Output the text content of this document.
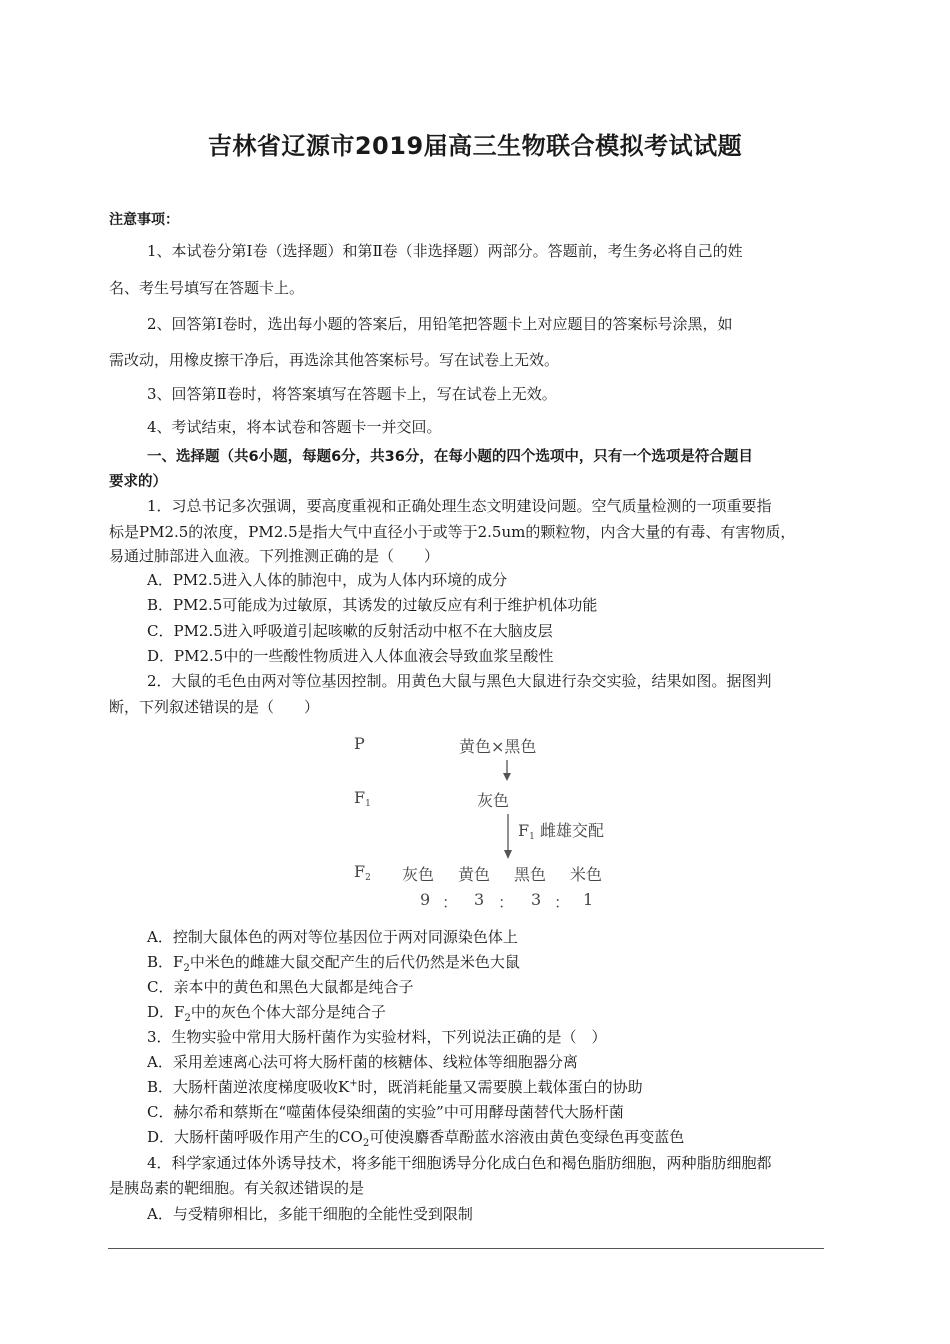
吉林省辽源市2019届高三生物联合模拟考试试题
注意事项：
1、本试卷分第Ⅰ卷（选择题）和第Ⅱ卷（非选择题）两部分。答题前，考生务必将自己的姓
名、考生号填写在答题卡上。
2、回答第Ⅰ卷时，选出每小题的答案后，用铅笔把答题卡上对应题目的答案标号涂黑，如
需改动，用橡皮擦干净后，再选涂其他答案标号。写在试卷上无效。
3、回答第Ⅱ卷时，将答案填写在答题卡上，写在试卷上无效。
4、考试结束，将本试卷和答题卡一并交回。
一、选择题（共6小题，每题6分，共36分，在每小题的四个选项中，只有一个选项是符合题目
要求的）
1．习总书记多次强调，要高度重视和正确处理生态文明建设问题。空气质量检测的一项重要指
标是PM2.5的浓度，PM2.5是指大气中直径小于或等于2.5um的颗粒物，内含大量的有毒、有害物质，
易通过肺部进入血液。下列推测正确的是（　　）
A．PM2.5进入人体的肺泡中，成为人体内环境的成分
B．PM2.5可能成为过敏原，其诱发的过敏反应有利于维护机体功能
C．PM2.5进入呼吸道引起咳嗽的反射活动中枢不在大脑皮层
D．PM2.5中的一些酸性物质进入人体血液会导致血浆呈酸性
2．大鼠的毛色由两对等位基因控制。用黄色大鼠与黑色大鼠进行杂交实验，结果如图。据图判
断，下列叙述错误的是（　　）
P	黄色×黑色
F1	灰色
F1 雌雄交配
F2 灰色 黄色 黑色 米色
9 ： 3 ： 3 ： 1
A．控制大鼠体色的两对等位基因位于两对同源染色体上
B．$F_2$中米色的雌雄大鼠交配产生的后代仍然是米色大鼠
C．亲本中的黄色和黑色大鼠都是纯合子
D．$F_2$中的灰色个体大部分是纯合子
3．生物实验中常用大肠杆菌作为实验材料，下列说法正确的是（　）
A．采用差速离心法可将大肠杆菌的核糖体、线粒体等细胞器分离
B．大肠杆菌逆浓度梯度吸收K+时，既消耗能量又需要膜上载体蛋白的协助
C．赫尔希和蔡斯在“噬菌体侵染细菌的实验”中可用酵母菌替代大肠杆菌
D．大肠杆菌呼吸作用产生的$CO_2$可使溴麝香草酚蓝水溶液由黄色变绿色再变蓝色
4．科学家通过体外诱导技术，将多能干细胞诱导分化成白色和褐色脂肪细胞，两种脂肪细胞都
是胰岛素的靶细胞。有关叙述错误的是
A．与受精卵相比，多能干细胞的全能性受到限制
